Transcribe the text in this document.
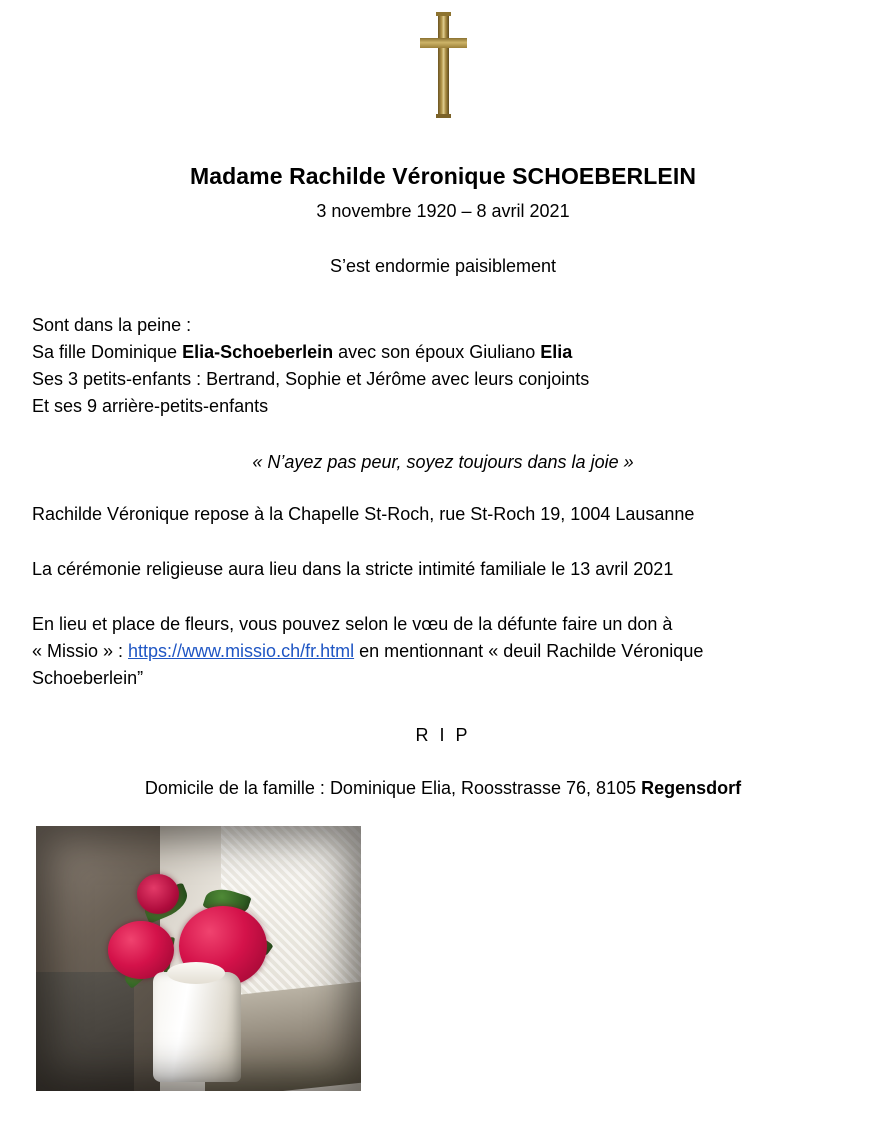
Madame Rachilde Véronique SCHOEBERLEIN
3 novembre 1920 – 8 avril 2021
S’est endormie paisiblement
Sont dans la peine :
Sa fille Dominique Elia-Schoeberlein avec son époux Giuliano Elia
Ses 3 petits-enfants : Bertrand, Sophie et Jérôme avec leurs conjoints
Et ses 9 arrière-petits-enfants
« N’ayez pas peur, soyez toujours dans la joie »
Rachilde Véronique repose à la Chapelle St-Roch, rue St-Roch 19, 1004 Lausanne
La cérémonie religieuse aura lieu dans la stricte intimité familiale le 13 avril 2021
En lieu et place de fleurs, vous pouvez selon le vœu de la défunte faire un don à
« Missio » : https://www.missio.ch/fr.html en mentionnant « deuil Rachilde Véronique
Schoeberlein”
R I P
Domicile de la famille : Dominique Elia, Roosstrasse 76, 8105 Regensdorf
